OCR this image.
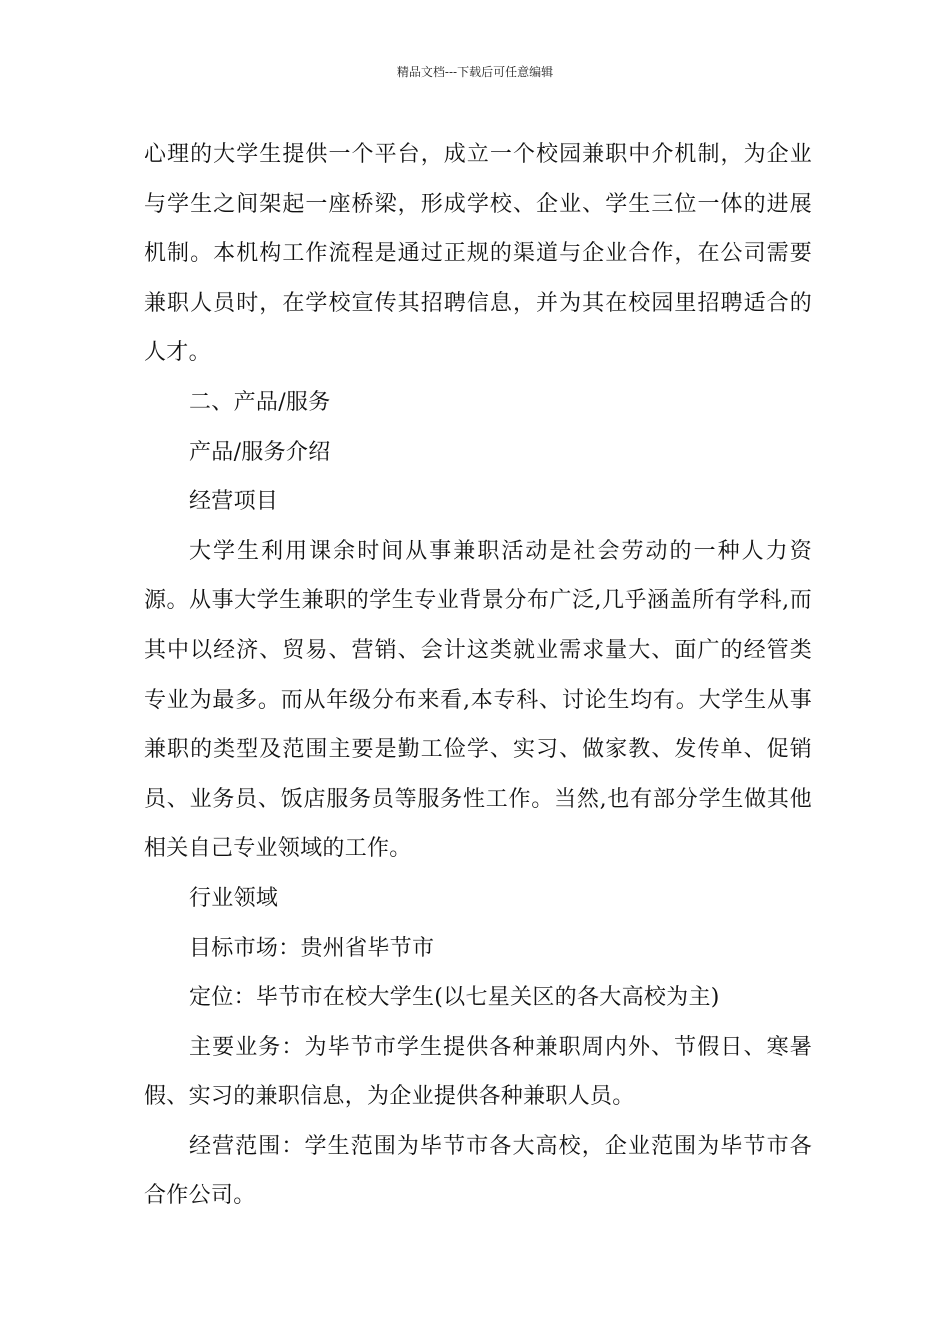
精品文档---下载后可任意编辑

心理的大学生提供一个平台，成立一个校园兼职中介机制，为企业与学生之间架起一座桥梁，形成学校、企业、学生三位一体的进展机制。本机构工作流程是通过正规的渠道与企业合作，在公司需要兼职人员时，在学校宣传其招聘信息，并为其在校园里招聘适合的人才。

二、产品/服务

产品/服务介绍

经营项目

大学生利用课余时间从事兼职活动是社会劳动的一种人力资源。从事大学生兼职的学生专业背景分布广泛,几乎涵盖所有学科,而其中以经济、贸易、营销、会计这类就业需求量大、面广的经管类专业为最多。而从年级分布来看,本专科、讨论生均有。大学生从事兼职的类型及范围主要是勤工俭学、实习、做家教、发传单、促销员、业务员、饭店服务员等服务性工作。当然,也有部分学生做其他相关自己专业领域的工作。

行业领域

目标市场：贵州省毕节市

定位：毕节市在校大学生(以七星关区的各大高校为主)

主要业务：为毕节市学生提供各种兼职周内外、节假日、寒暑假、实习的兼职信息，为企业提供各种兼职人员。

经营范围：学生范围为毕节市各大高校，企业范围为毕节市各合作公司。
